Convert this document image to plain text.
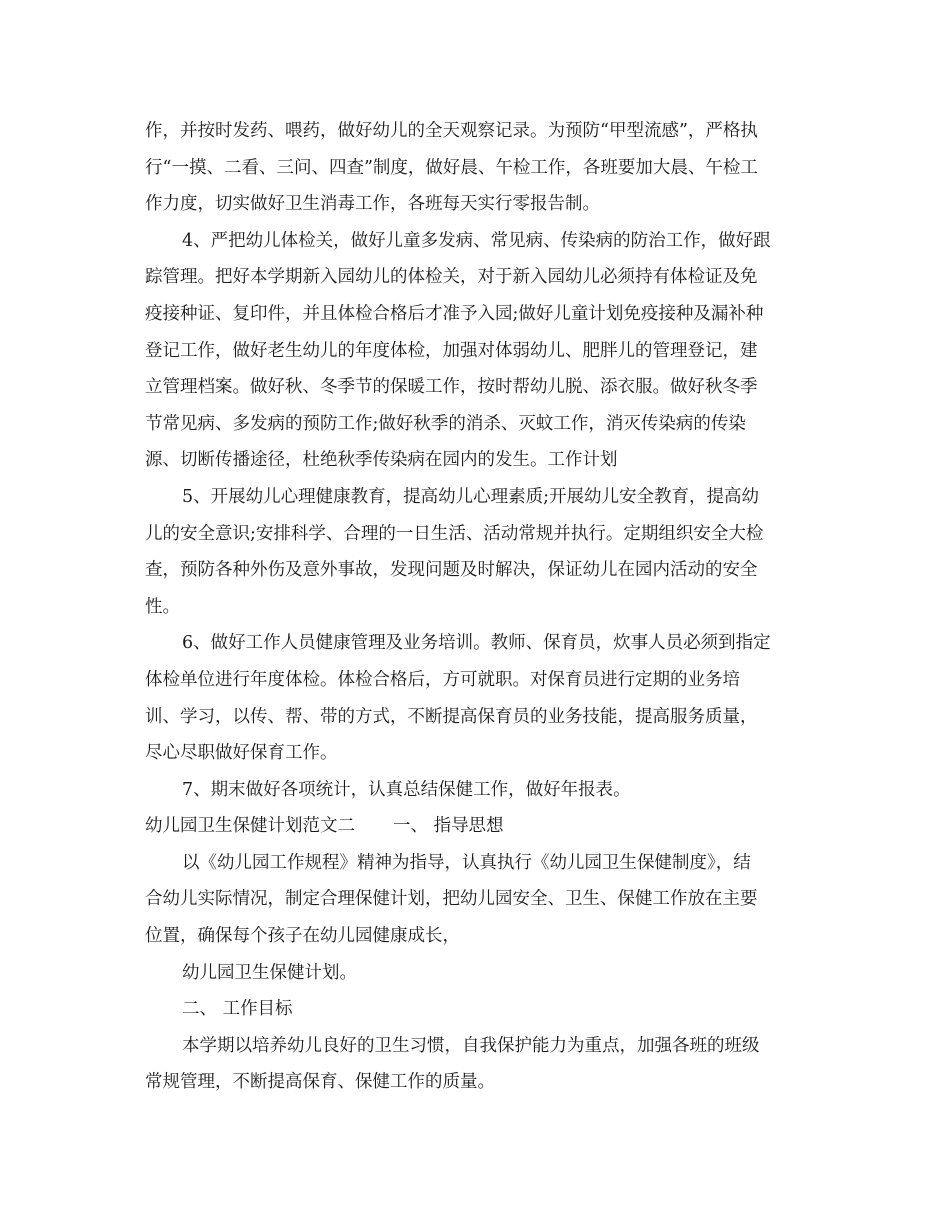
作，并按时发药、喂药，做好幼儿的全天观察记录。为预防“甲型流感”，严格执
行“一摸、二看、三问、四查”制度，做好晨、午检工作，各班要加大晨、午检工
作力度，切实做好卫生消毒工作，各班每天实行零报告制。
4、严把幼儿体检关，做好儿童多发病、常见病、传染病的防治工作，做好跟
踪管理。把好本学期新入园幼儿的体检关，对于新入园幼儿必须持有体检证及免
疫接种证、复印件，并且体检合格后才准予入园;做好儿童计划免疫接种及漏补种
登记工作，做好老生幼儿的年度体检，加强对体弱幼儿、肥胖儿的管理登记，建
立管理档案。做好秋、冬季节的保暖工作，按时帮幼儿脱、添衣服。做好秋冬季
节常见病、多发病的预防工作;做好秋季的消杀、灭蚊工作，消灭传染病的传染
源、切断传播途径，杜绝秋季传染病在园内的发生。工作计划
5、开展幼儿心理健康教育，提高幼儿心理素质;开展幼儿安全教育，提高幼
儿的安全意识;安排科学、合理的一日生活、活动常规并执行。定期组织安全大检
查，预防各种外伤及意外事故，发现问题及时解决，保证幼儿在园内活动的安全
性。
6、做好工作人员健康管理及业务培训。教师、保育员，炊事人员必须到指定
体检单位进行年度体检。体检合格后，方可就职。对保育员进行定期的业务培
训、学习，以传、帮、带的方式，不断提高保育员的业务技能，提高服务质量，
尽心尽职做好保育工作。
7、期末做好各项统计，认真总结保健工作，做好年报表。
幼儿园卫生保健计划范文二 一、 指导思想
以《幼儿园工作规程》精神为指导，认真执行《幼儿园卫生保健制度》，结
合幼儿实际情况，制定合理保健计划，把幼儿园安全、卫生、保健工作放在主要
位置，确保每个孩子在幼儿园健康成长，
幼儿园卫生保健计划。
二、 工作目标
本学期以培养幼儿良好的卫生习惯，自我保护能力为重点，加强各班的班级
常规管理，不断提高保育、保健工作的质量。
